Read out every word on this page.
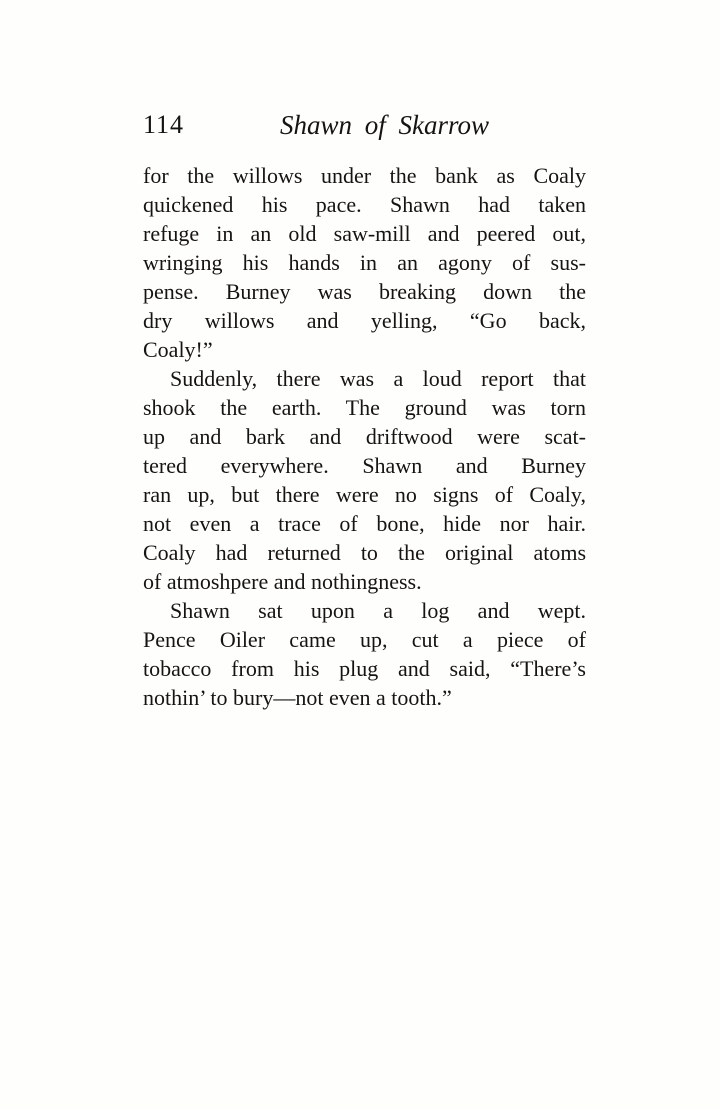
114	Shawn of Skarrow
for the willows under the bank as Coaly
quickened his pace. Shawn had taken
refuge in an old saw-mill and peered out,
wringing his hands in an agony of sus-
pense. Burney was breaking down the
dry willows and yelling, “Go back,
Coaly!”
Suddenly, there was a loud report that
shook the earth. The ground was torn
up and bark and driftwood were scat-
tered everywhere. Shawn and Burney
ran up, but there were no signs of Coaly,
not even a trace of bone, hide nor hair.
Coaly had returned to the original atoms
of atmoshpere and nothingness.
Shawn sat upon a log and wept.
Pence Oiler came up, cut a piece of
tobacco from his plug and said, “There’s
nothin’ to bury—not even a tooth.”
